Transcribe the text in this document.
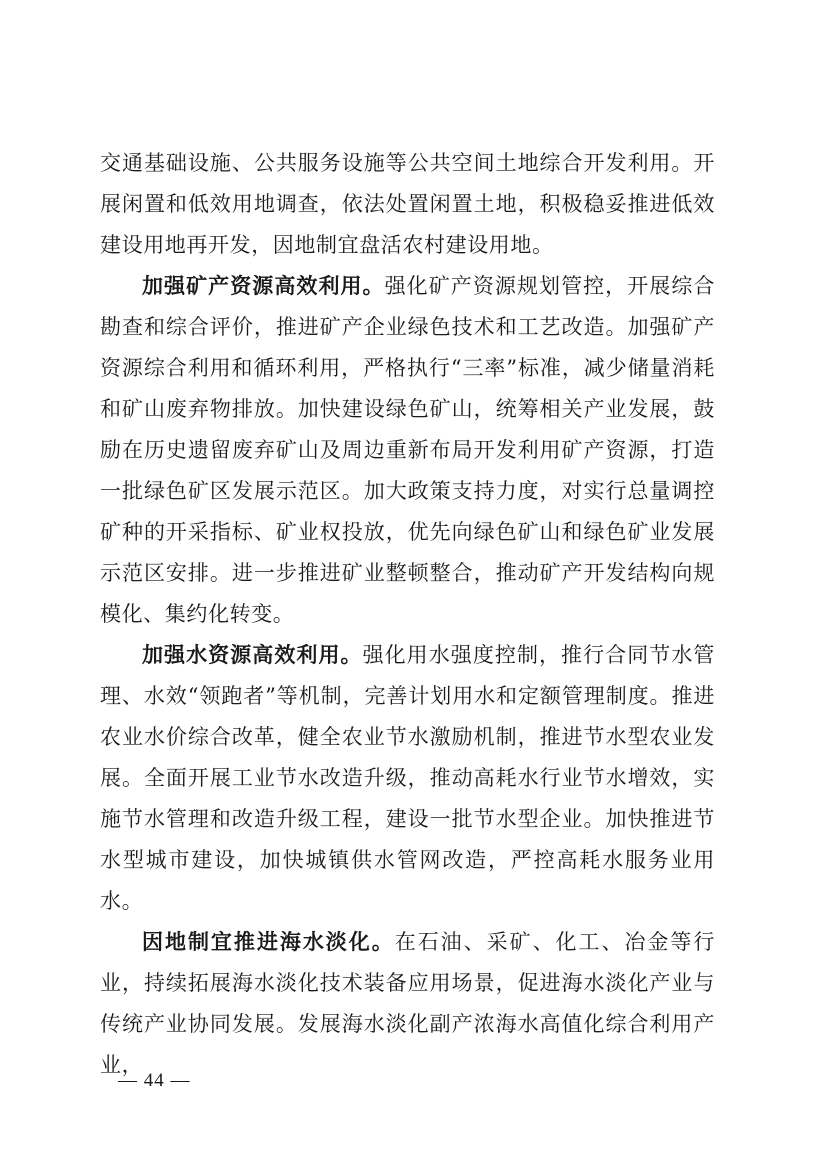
交通基础设施、公共服务设施等公共空间土地综合开发利用。开展闲置和低效用地调查，依法处置闲置土地，积极稳妥推进低效建设用地再开发，因地制宜盘活农村建设用地。

加强矿产资源高效利用。强化矿产资源规划管控，开展综合勘查和综合评价，推进矿产企业绿色技术和工艺改造。加强矿产资源综合利用和循环利用，严格执行“三率”标准，减少储量消耗和矿山废弃物排放。加快建设绿色矿山，统筹相关产业发展，鼓励在历史遗留废弃矿山及周边重新布局开发利用矿产资源，打造一批绿色矿区发展示范区。加大政策支持力度，对实行总量调控矿种的开采指标、矿业权投放，优先向绿色矿山和绿色矿业发展示范区安排。进一步推进矿业整顿整合，推动矿产开发结构向规模化、集约化转变。

加强水资源高效利用。强化用水强度控制，推行合同节水管理、水效“领跑者”等机制，完善计划用水和定额管理制度。推进农业水价综合改革，健全农业节水激励机制，推进节水型农业发展。全面开展工业节水改造升级，推动高耗水行业节水增效，实施节水管理和改造升级工程，建设一批节水型企业。加快推进节水型城市建设，加快城镇供水管网改造，严控高耗水服务业用水。

因地制宜推进海水淡化。在石油、采矿、化工、冶金等行业，持续拓展海水淡化技术装备应用场景，促进海水淡化产业与传统产业协同发展。发展海水淡化副产浓海水高值化综合利用产业，

— 44 —
